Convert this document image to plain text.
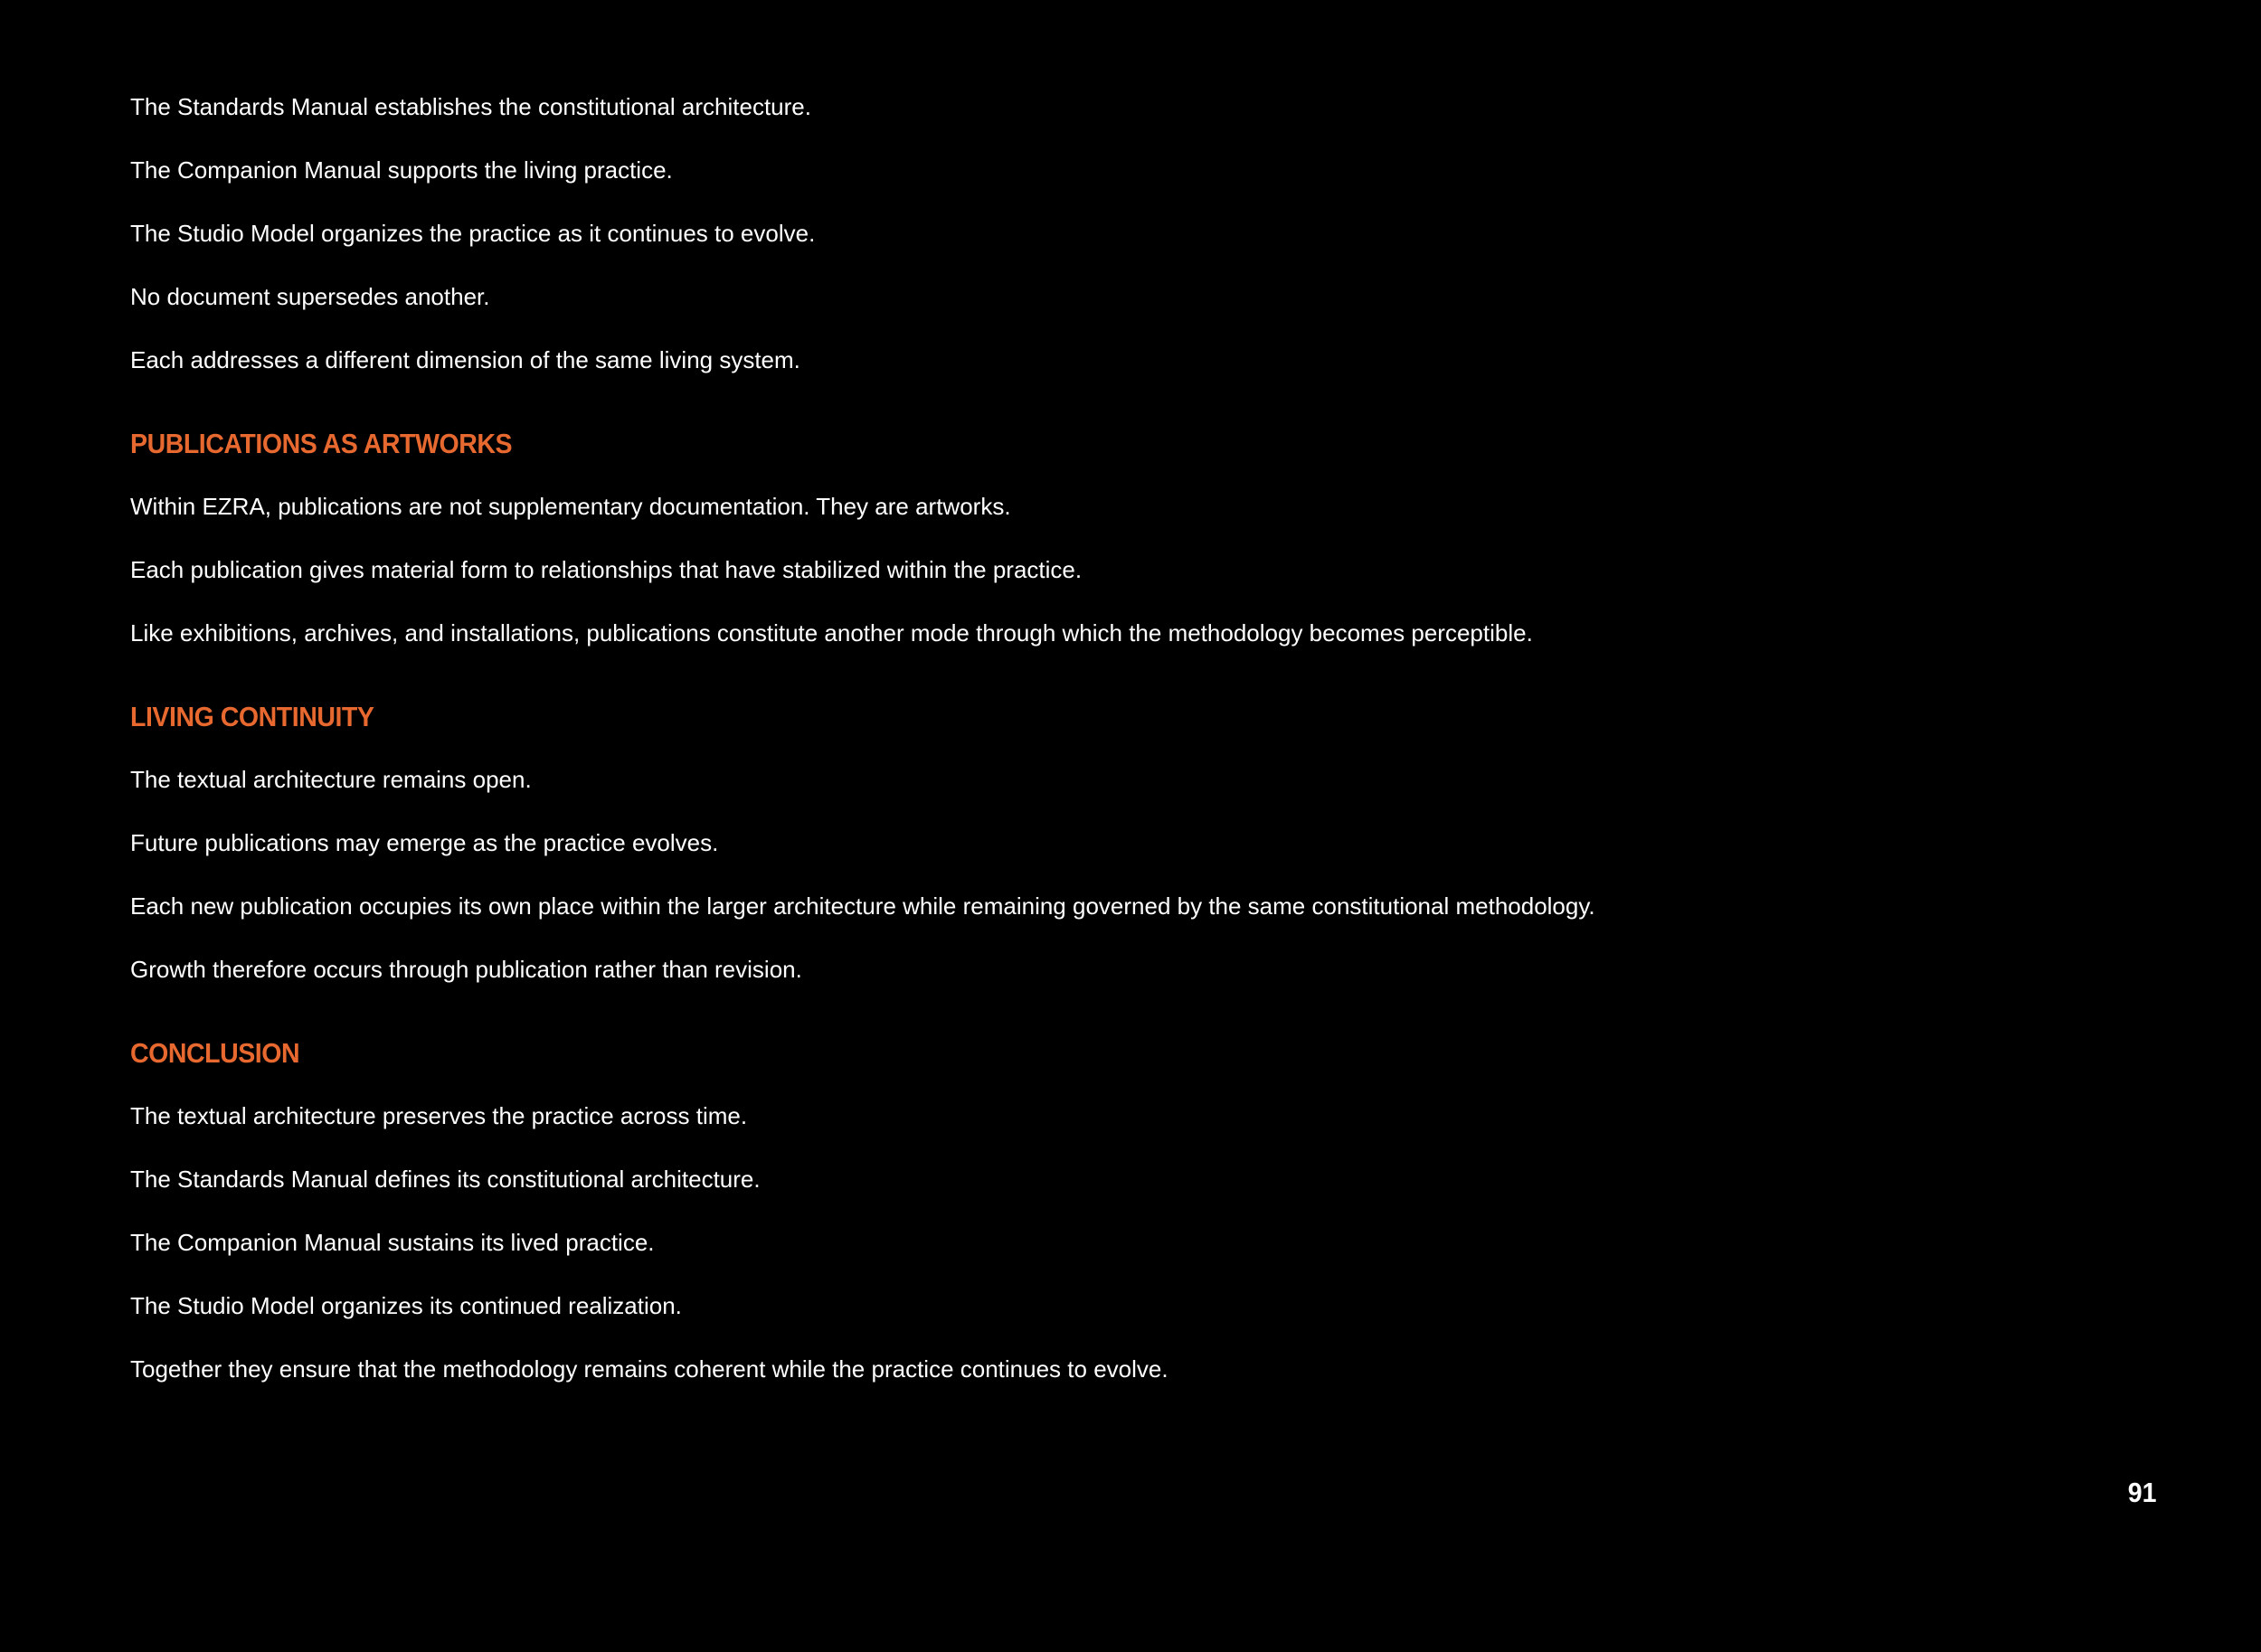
The Standards Manual establishes the constitutional architecture.

The Companion Manual supports the living practice.

The Studio Model organizes the practice as it continues to evolve.

No document supersedes another.

Each addresses a different dimension of the same living system.

PUBLICATIONS AS ARTWORKS

Within EZRA, publications are not supplementary documentation. They are artworks.

Each publication gives material form to relationships that have stabilized within the practice.

Like exhibitions, archives, and installations, publications constitute another mode through which the methodology becomes perceptible.

LIVING CONTINUITY

The textual architecture remains open.

Future publications may emerge as the practice evolves.

Each new publication occupies its own place within the larger architecture while remaining governed by the same constitutional methodology.

Growth therefore occurs through publication rather than revision.

CONCLUSION

The textual architecture preserves the practice across time.

The Standards Manual defines its constitutional architecture.

The Companion Manual sustains its lived practice.

The Studio Model organizes its continued realization.

Together they ensure that the methodology remains coherent while the practice continues to evolve.

91
